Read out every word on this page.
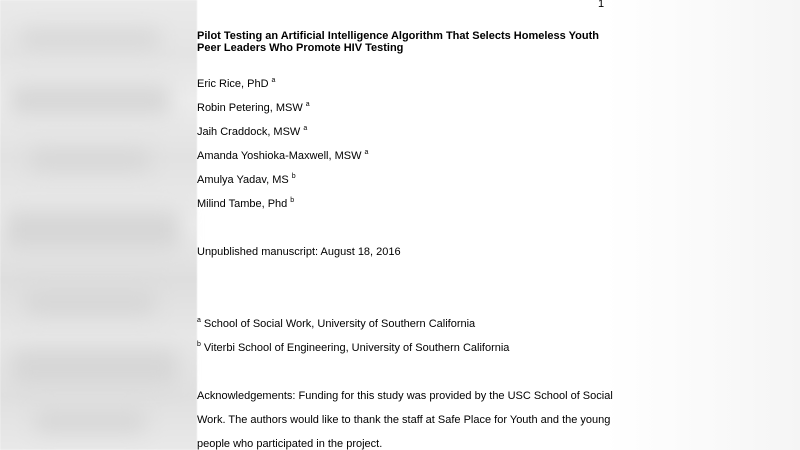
1
Pilot Testing an Artificial Intelligence Algorithm That Selects Homeless Youth Peer Leaders Who Promote HIV Testing
Eric Rice, PhD $^a$
Robin Petering, MSW $^a$
Jaih Craddock, MSW $^a$
Amanda Yoshioka-Maxwell, MSW $^a$
Amulya Yadav, MS $^b$
Milind Tambe, Phd $^b$
Unpublished manuscript: August 18, 2016
$^a$ School of Social Work, University of Southern California
$^b$ Viterbi School of Engineering, University of Southern California
Acknowledgements: Funding for this study was provided by the USC School of Social
Work. The authors would like to thank the staff at Safe Place for Youth and the young
people who participated in the project.
